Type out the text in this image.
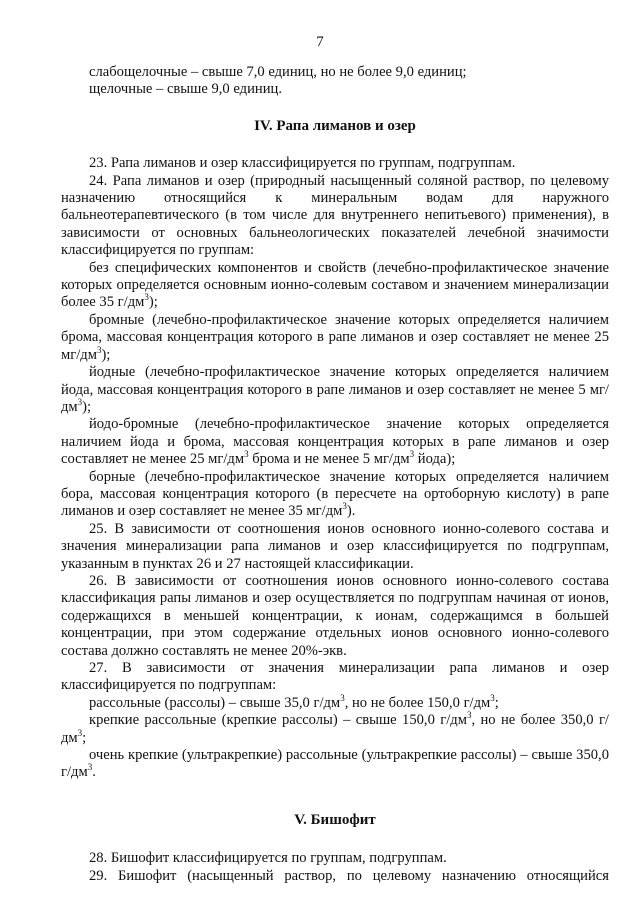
7

слабощелочные – свыше 7,0 единиц, но не более 9,0 единиц;

щелочные – свыше 9,0 единиц.

IV. Рапа лиманов и озер

23. Рапа лиманов и озер классифицируется по группам, подгруппам.

24. Рапа лиманов и озер (природный насыщенный соляной раствор, по целевому назначению относящийся к минеральным водам для наружного бальнеотерапевтического (в том числе для внутреннего непитьевого) применения), в зависимости от основных бальнеологических показателей лечебной значимости классифицируется по группам:

без специфических компонентов и свойств (лечебно-профилактическое значение которых определяется основным ионно-солевым составом и значением минерализации более 35 $г/дм^3$);

бромные (лечебно-профилактическое значение которых определяется наличием брома, массовая концентрация которого в рапе лиманов и озер составляет не менее 25 $мг/дм^3$);

йодные (лечебно-профилактическое значение которых определяется наличием йода, массовая концентрация которого в рапе лиманов и озер составляет не менее 5 $мг/дм^3$);

йодо-бромные (лечебно-профилактическое значение которых определяется наличием йода и брома, массовая концентрация которых в рапе лиманов и озер составляет не менее 25 $мг/дм^3$ брома и не менее 5 $мг/дм^3$ йода);

борные (лечебно-профилактическое значение которых определяется наличием бора, массовая концентрация которого (в пересчете на ортоборную кислоту) в рапе лиманов и озер составляет не менее 35 $мг/дм^3$).

25. В зависимости от соотношения ионов основного ионно-солевого состава и значения минерализации рапа лиманов и озер классифицируется по подгруппам, указанным в пунктах 26 и 27 настоящей классификации.

26. В зависимости от соотношения ионов основного ионно-солевого состава классификация рапы лиманов и озер осуществляется по подгруппам начиная от ионов, содержащихся в меньшей концентрации, к ионам, содержащимся в большей концентрации, при этом содержание отдельных ионов основного ионно-солевого состава должно составлять не менее 20%-экв.

27. В зависимости от значения минерализации рапа лиманов и озер классифицируется по подгруппам:

рассольные (рассолы) – свыше 35,0 $г/дм^3$, но не более 150,0 $г/дм^3$;

крепкие рассольные (крепкие рассолы) – свыше 150,0 $г/дм^3$, но не более 350,0 $г/дм^3$;

очень крепкие (ультракрепкие) рассольные (ультракрепкие рассолы) – свыше 350,0 $г/дм^3$.

V. Бишофит

28. Бишофит классифицируется по группам, подгруппам.

29. Бишофит (насыщенный раствор, по целевому назначению относящийся
